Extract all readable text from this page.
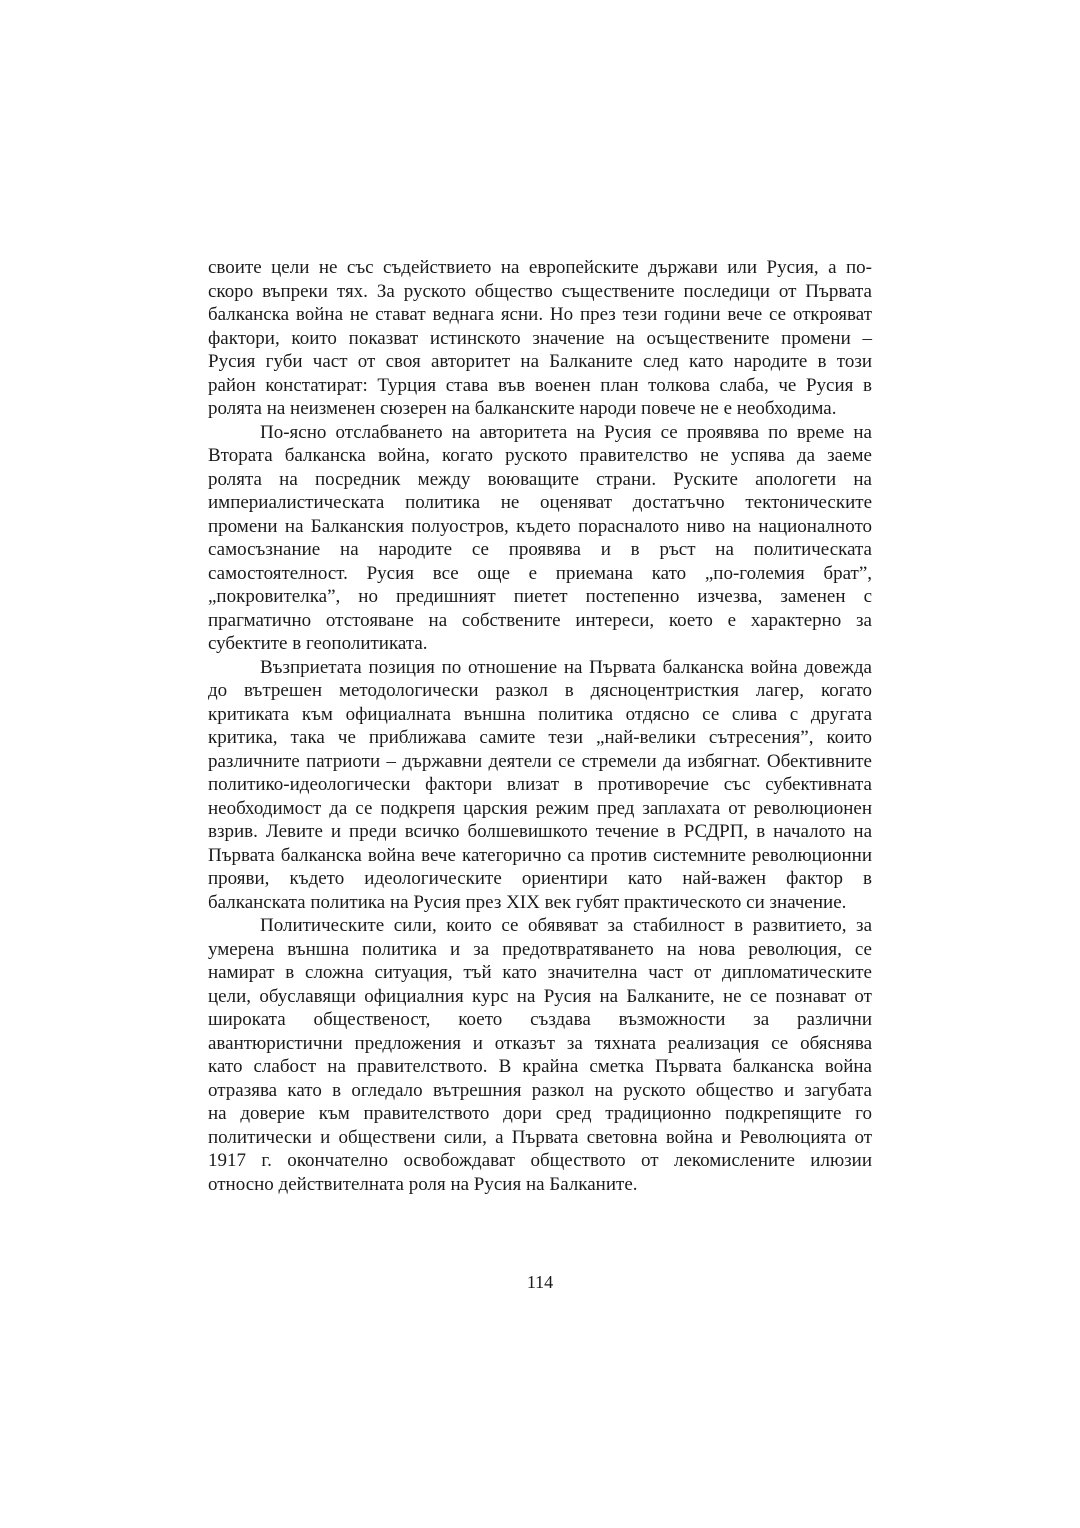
своите цели не със съдействието на европейските държави или Русия, а по-
скоро въпреки тях. За руското общество съществените последици от Първата
балканска война не стават веднага ясни. Но през тези години вече се открояват
фактори, които показват истинското значение на осъществените промени –
Русия губи част от своя авторитет на Балканите след като народите в този
район констатират: Турция става във военен план толкова слаба, че Русия в
ролята на неизменен сюзерен на балканските народи повече не е необходима.
По-ясно отслабването на авторитета на Русия се проявява по време на
Втората балканска война, когато руското правителство не успява да заеме
ролята на посредник между воюващите страни. Руските апологети на
империалистическата политика не оценяват достатъчно тектоническите
промени на Балканския полуостров, където порасналото ниво на националното
самосъзнание на народите се проявява и в ръст на политическата
самостоятелност. Русия все още е приемана като „по-големия брат”,
„покровителка”, но предишният пиетет постепенно изчезва, заменен с
прагматично отстояване на собствените интереси, което е характерно за
субектите в геополитиката.
Възприетата позиция по отношение на Първата балканска война довежда
до вътрешен методологически разкол в дясноцентристкия лагер, когато
критиката към официалната външна политика отдясно се слива с другата
критика, така че приближава самите тези „най-велики сътресения”, които
различните патриоти – държавни деятели се стремели да избягнат. Обективните
политико-идеологически фактори влизат в противоречие със субективната
необходимост да се подкрепя царския режим пред заплахата от революционен
взрив. Левите и преди всичко болшевишкото течение в РСДРП, в началото на
Първата балканска война вече категорично са против системните революционни
прояви, където идеологическите ориентири като най-важен фактор в
балканската политика на Русия през XIX век губят практическото си значение.
Политическите сили, които се обявяват за стабилност в развитието, за
умерена външна политика и за предотвратяването на нова революция, се
намират в сложна ситуация, тъй като значителна част от дипломатическите
цели, обуславящи официалния курс на Русия на Балканите, не се познават от
широката общественост, което създава възможности за различни
авантюристични предложения и отказът за тяхната реализация се обяснява
като слабост на правителството. В крайна сметка Първата балканска война
отразява като в огледало вътрешния разкол на руското общество и загубата
на доверие към правителството дори сред традиционно подкрепящите го
политически и обществени сили, а Първата световна война и Революцията от
1917 г. окончателно освобождават обществото от лекомислените илюзии
относно действителната роля на Русия на Балканите.
114
